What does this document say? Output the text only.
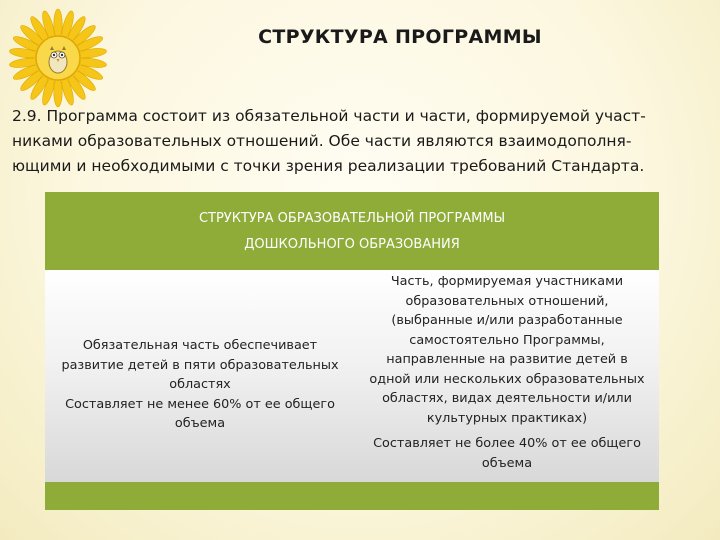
СТРУКТУРА ПРОГРАММЫ

2.9. Программа состоит из обязательной части и части, формируемой участ-
никами образовательных отношений. Обе части являются взаимодополня-
ющими и необходимыми с точки зрения реализации требований Стандарта.

СТРУКТУРА ОБРАЗОВАТЕЛЬНОЙ ПРОГРАММЫ
ДОШКОЛЬНОГО ОБРАЗОВАНИЯ
Обязательная часть обеспечивает
развитие детей в пяти образовательных
областях
Составляет не менее 60% от ее общего
объема
Часть, формируемая участниками
образовательных отношений,
(выбранные и/или разработанные
самостоятельно Программы,
направленные на развитие детей в
одной или нескольких образовательных
областях, видах деятельности и/или
культурных практиках)
Составляет не более 40% от ее общего
объема
